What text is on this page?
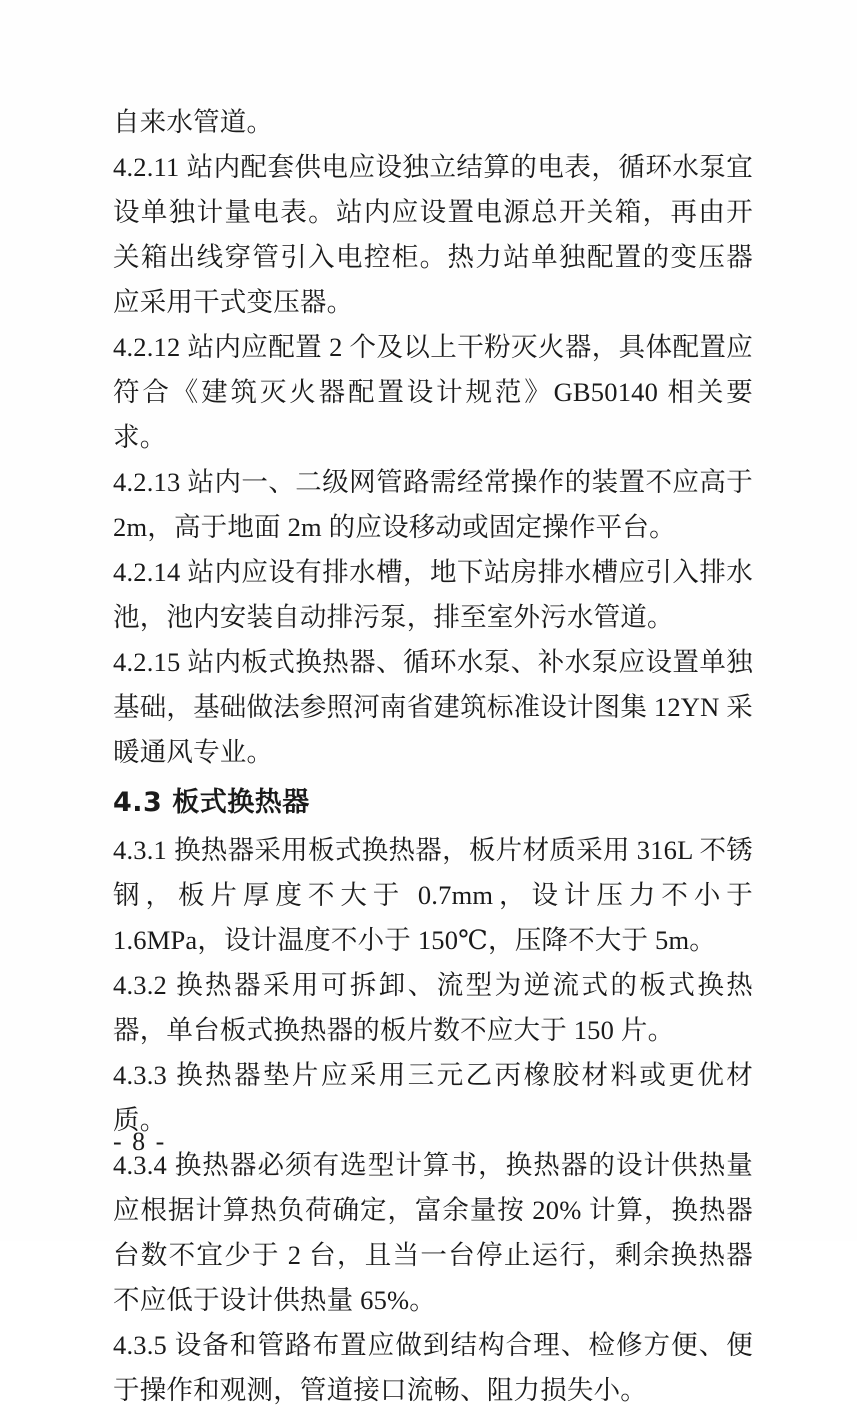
自来水管道。

4.2.11 站内配套供电应设独立结算的电表，循环水泵宜设单独计量电表。站内应设置电源总开关箱，再由开关箱出线穿管引入电控柜。热力站单独配置的变压器应采用干式变压器。

4.2.12 站内应配置 2 个及以上干粉灭火器，具体配置应符合《建筑灭火器配置设计规范》GB50140 相关要求。

4.2.13 站内一、二级网管路需经常操作的装置不应高于 2m，高于地面 2m 的应设移动或固定操作平台。

4.2.14 站内应设有排水槽，地下站房排水槽应引入排水池，池内安装自动排污泵，排至室外污水管道。

4.2.15 站内板式换热器、循环水泵、补水泵应设置单独基础，基础做法参照河南省建筑标准设计图集 12YN 采暖通风专业。

4.3 板式换热器

4.3.1 换热器采用板式换热器，板片材质采用 316L 不锈钢，板片厚度不大于 0.7mm，设计压力不小于 1.6MPa，设计温度不小于 150℃，压降不大于 5m。

4.3.2 换热器采用可拆卸、流型为逆流式的板式换热器，单台板式换热器的板片数不应大于 150 片。

4.3.3 换热器垫片应采用三元乙丙橡胶材料或更优材质。

4.3.4 换热器必须有选型计算书，换热器的设计供热量应根据计算热负荷确定，富余量按 20% 计算，换热器台数不宜少于 2 台，且当一台停止运行，剩余换热器不应低于设计供热量 65%。

4.3.5 设备和管路布置应做到结构合理、检修方便、便于操作和观测，管道接口流畅、阻力损失小。

- 8 -
